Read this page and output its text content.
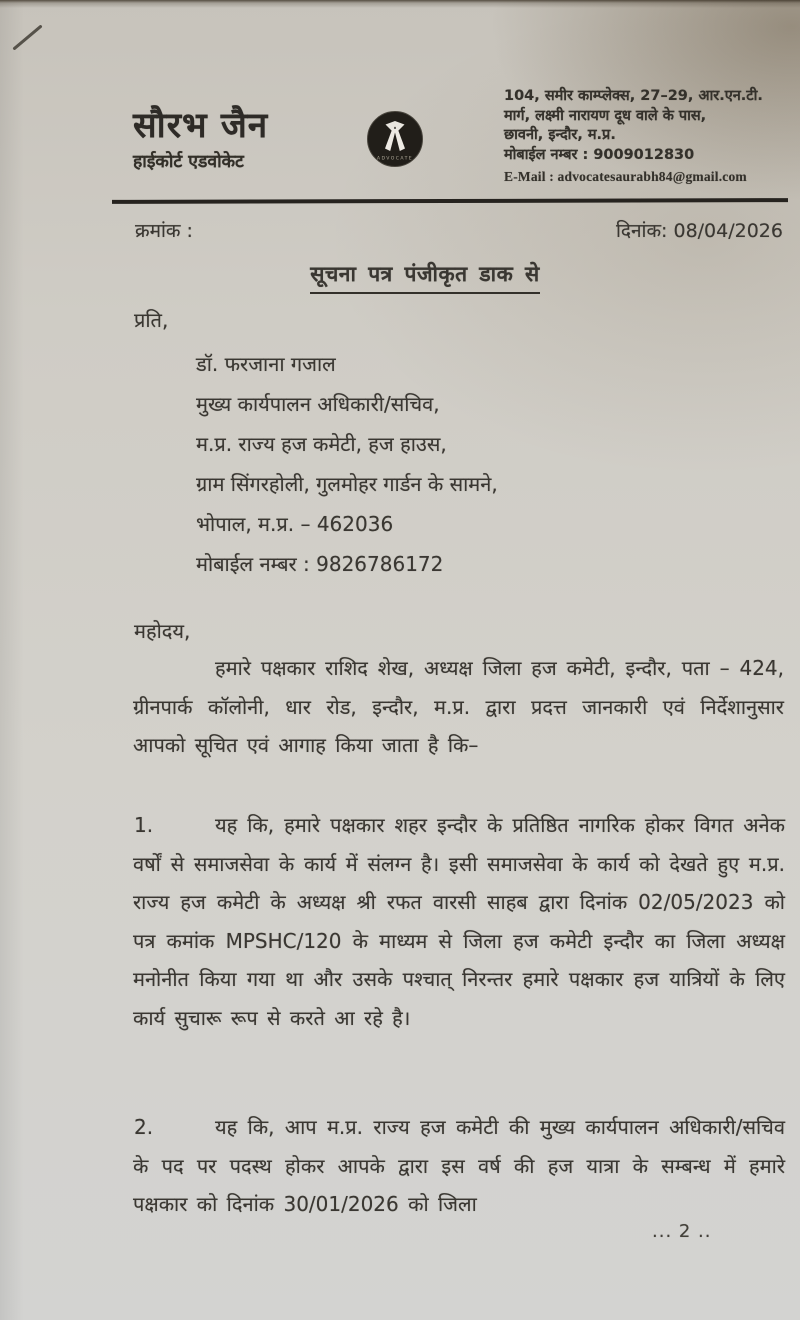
सौरभ जैन
हाईकोर्ट एडवोकेट	ADVOCATE
104, समीर काम्प्लेक्स, 27–29, आर.एन.टी.
मार्ग, लक्ष्मी नारायण दूध वाले के पास,
छावनी, इन्दौर, म.प्र.
मोबाईल नम्बर : 9009012830
E-Mail : advocatesaurabh84@gmail.com
क्रमांक :	दिनांक: 08/04/2026
सूचना पत्र पंजीकृत डाक से
प्रति,
डॉ. फरजाना गजाल
मुख्य कार्यपालन अधिकारी/सचिव,
म.प्र. राज्य हज कमेटी, हज हाउस,
ग्राम सिंगरहोली, गुलमोहर गार्डन के सामने,
भोपाल, म.प्र. – 462036
मोबाईल नम्बर : 9826786172
महोदय,

हमारे पक्षकार राशिद शेख, अध्यक्ष जिला हज कमेटी, इन्दौर, पता – 424, ग्रीनपार्क कॉलोनी, धार रोड, इन्दौर, म.प्र. द्वारा प्रदत्त जानकारी एवं निर्देशानुसार आपको सूचित एवं आगाह किया जाता है कि–

1.	यह कि, हमारे पक्षकार शहर इन्दौर के प्रतिष्ठित नागरिक होकर विगत अनेक वर्षों से समाजसेवा के कार्य में संलग्न है। इसी समाजसेवा के कार्य को देखते हुए म.प्र. राज्य हज कमेटी के अध्यक्ष श्री रफत वारसी साहब द्वारा दिनांक 02/05/2023 को पत्र कमांक MPSHC/120 के माध्यम से जिला हज कमेटी इन्दौर का जिला अध्यक्ष मनोनीत किया गया था और उसके पश्चात् निरन्तर हमारे पक्षकार हज यात्रियों के लिए कार्य सुचारू रूप से करते आ रहे है।

2.	यह कि, आप म.प्र. राज्य हज कमेटी की मुख्य कार्यपालन अधिकारी/सचिव के पद पर पदस्थ होकर आपके द्वारा इस वर्ष की हज यात्रा के सम्बन्ध में हमारे पक्षकार को दिनांक 30/01/2026 को जिला

... 2 ..
